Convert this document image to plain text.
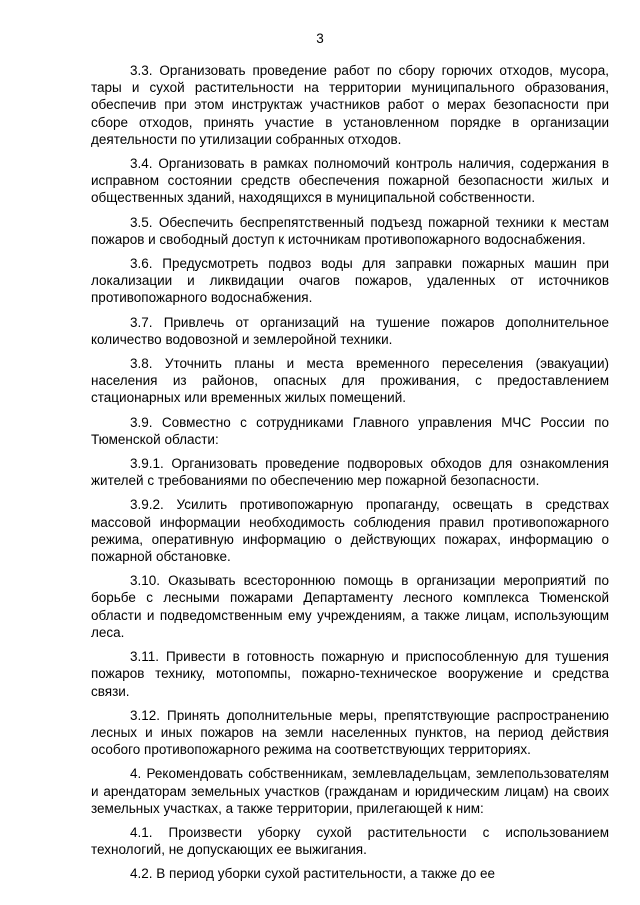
3

3.3. Организовать проведение работ по сбору горючих отходов, мусора, тары и сухой растительности на территории муниципального образования, обеспечив при этом инструктаж участников работ о мерах безопасности при сборе отходов, принять участие в установленном порядке в организации деятельности по утилизации собранных отходов.

3.4. Организовать в рамках полномочий контроль наличия, содержания в исправном состоянии средств обеспечения пожарной безопасности жилых и общественных зданий, находящихся в муниципальной собственности.

3.5. Обеспечить беспрепятственный подъезд пожарной техники к местам пожаров и свободный доступ к источникам противопожарного водоснабжения.

3.6. Предусмотреть подвоз воды для заправки пожарных машин при локализации и ликвидации очагов пожаров, удаленных от источников противопожарного водоснабжения.

3.7. Привлечь от организаций на тушение пожаров дополнительное количество водовозной и землеройной техники.

3.8. Уточнить планы и места временного переселения (эвакуации) населения из районов, опасных для проживания, с предоставлением стационарных или временных жилых помещений.

3.9. Совместно с сотрудниками Главного управления МЧС России по Тюменской области:

3.9.1. Организовать проведение подворовых обходов для ознакомления жителей с требованиями по обеспечению мер пожарной безопасности.

3.9.2. Усилить противопожарную пропаганду, освещать в средствах массовой информации необходимость соблюдения правил противопожарного режима, оперативную информацию о действующих пожарах, информацию о пожарной обстановке.

3.10. Оказывать всестороннюю помощь в организации мероприятий по борьбе с лесными пожарами Департаменту лесного комплекса Тюменской области и подведомственным ему учреждениям, а также лицам, использующим леса.

3.11. Привести в готовность пожарную и приспособленную для тушения пожаров технику, мотопомпы, пожарно-техническое вооружение и средства связи.

3.12. Принять дополнительные меры, препятствующие распространению лесных и иных пожаров на земли населенных пунктов, на период действия особого противопожарного режима на соответствующих территориях.

4. Рекомендовать собственникам, землевладельцам, землепользователям и арендаторам земельных участков (гражданам и юридическим лицам) на своих земельных участках, а также территории, прилегающей к ним:

4.1. Произвести уборку сухой растительности с использованием технологий, не допускающих ее выжигания.

4.2. В период уборки сухой растительности, а также до ее
